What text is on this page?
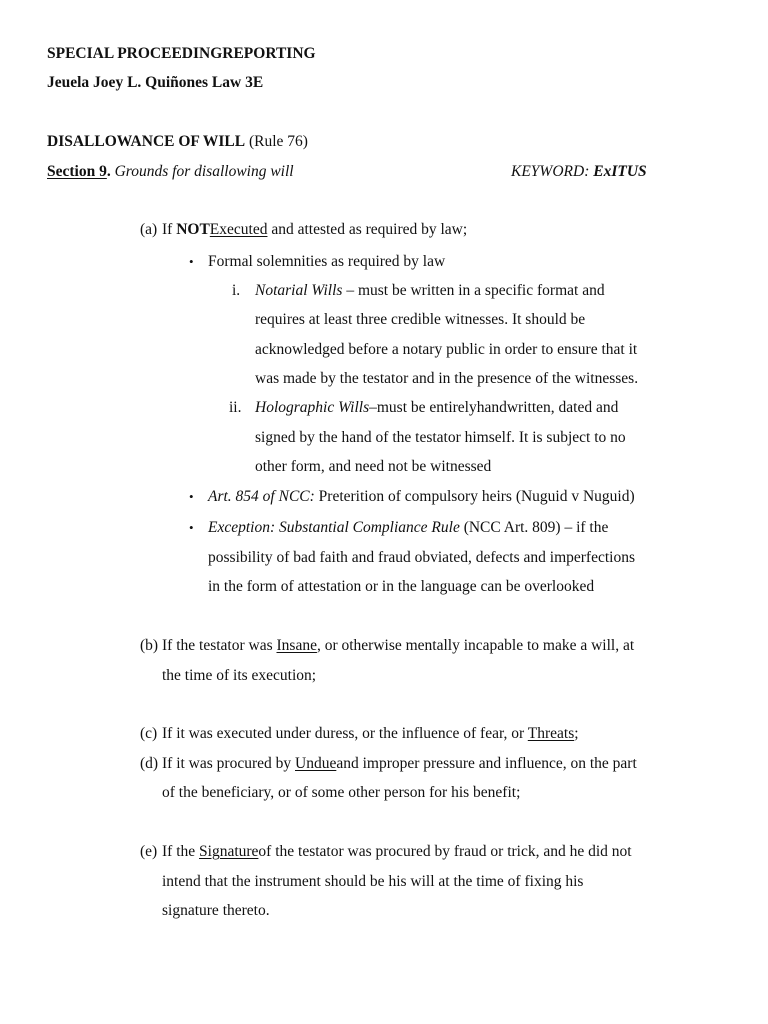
SPECIAL PROCEEDINGREPORTING
Jeuela Joey L. Quiñones Law 3E
DISALLOWANCE OF WILL (Rule 76)
Section 9. Grounds for disallowing will	KEYWORD: ExITUS
(a) If NOTExecuted and attested as required by law;
• Formal solemnities as required by law
i. Notarial Wills – must be written in a specific format and
requires at least three credible witnesses. It should be
acknowledged before a notary public in order to ensure that it
was made by the testator and in the presence of the witnesses.
ii. Holographic Wills–must be entirelyhandwritten, dated and
signed by the hand of the testator himself. It is subject to no
other form, and need not be witnessed
• Art. 854 of NCC: Preterition of compulsory heirs (Nuguid v Nuguid)
• Exception: Substantial Compliance Rule (NCC Art. 809) – if the
possibility of bad faith and fraud obviated, defects and imperfections
in the form of attestation or in the language can be overlooked
(b) If the testator was Insane, or otherwise mentally incapable to make a will, at
the time of its execution;
(c) If it was executed under duress, or the influence of fear, or Threats;
(d) If it was procured by Undueand improper pressure and influence, on the part
of the beneficiary, or of some other person for his benefit;
(e) If the Signatureof the testator was procured by fraud or trick, and he did not
intend that the instrument should be his will at the time of fixing his
signature thereto.
